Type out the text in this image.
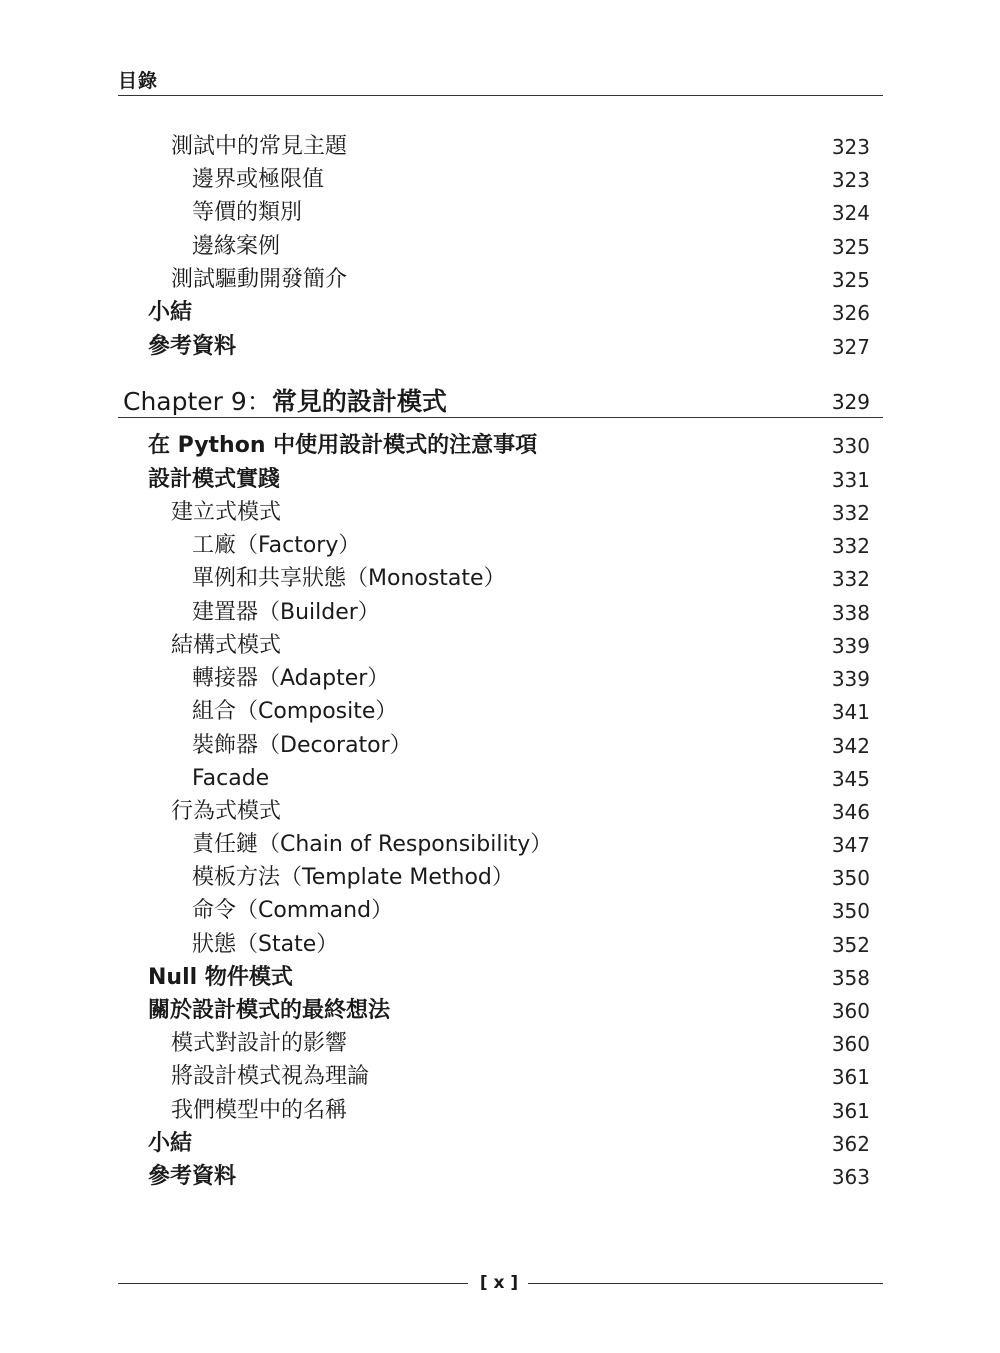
目錄
測試中的常見主題	323
邊界或極限值	323
等價的類別	324
邊緣案例	325
測試驅動開發簡介	325
小結	326
參考資料	327
Chapter 9：常見的設計模式	329
在 Python 中使用設計模式的注意事項	330
設計模式實踐	331
建立式模式	332
工廠（Factory）	332
單例和共享狀態（Monostate）	332
建置器（Builder）	338
結構式模式	339
轉接器（Adapter）	339
組合（Composite）	341
裝飾器（Decorator）	342
Facade	345
行為式模式	346
責任鏈（Chain of Responsibility）	347
模板方法（Template Method）	350
命令（Command）	350
狀態（State）	352
Null 物件模式	358
關於設計模式的最終想法	360
模式對設計的影響	360
將設計模式視為理論	361
我們模型中的名稱	361
小結	362
參考資料	363
[ x ]
